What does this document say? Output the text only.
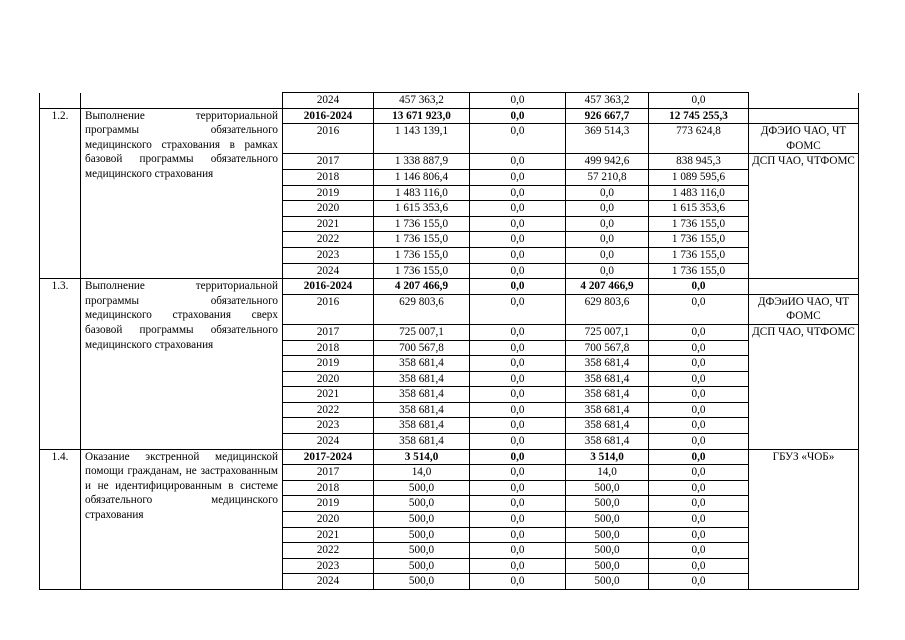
		2024	457 363,2	0,0	457 363,2	0,0	
1.2.	Выполнение территориальной программы обязательного медицинского страхования в рамках базовой программы обязательного медицинского страхования	2016-2024	13 671 923,0	0,0	926 667,7	12 745 255,3	
		2016	1 143 139,1	0,0	369 514,3	773 624,8	ДФЭИО ЧАО, ЧТ ФОМС
		2017	1 338 887,9	0,0	499 942,6	838 945,3	ДСП ЧАО, ЧТФОМС
		2018	1 146 806,4	0,0	57 210,8	1 089 595,6	
		2019	1 483 116,0	0,0	0,0	1 483 116,0	
		2020	1 615 353,6	0,0	0,0	1 615 353,6	
		2021	1 736 155,0	0,0	0,0	1 736 155,0	
		2022	1 736 155,0	0,0	0,0	1 736 155,0	
		2023	1 736 155,0	0,0	0,0	1 736 155,0	
		2024	1 736 155,0	0,0	0,0	1 736 155,0	
1.3.	Выполнение территориальной программы обязательного медицинского страхования сверх базовой программы обязательного медицинского страхования	2016-2024	4 207 466,9	0,0	4 207 466,9	0,0	
		2016	629 803,6	0,0	629 803,6	0,0	ДФЭиИО ЧАО, ЧТ ФОМС
		2017	725 007,1	0,0	725 007,1	0,0	ДСП ЧАО, ЧТФОМС
		2018	700 567,8	0,0	700 567,8	0,0	
		2019	358 681,4	0,0	358 681,4	0,0	
		2020	358 681,4	0,0	358 681,4	0,0	
		2021	358 681,4	0,0	358 681,4	0,0	
		2022	358 681,4	0,0	358 681,4	0,0	
		2023	358 681,4	0,0	358 681,4	0,0	
		2024	358 681,4	0,0	358 681,4	0,0	
1.4.	Оказание экстренной медицинской помощи гражданам, не застрахованным и не идентифицированным в системе обязательного медицинского страхования	2017-2024	3 514,0	0,0	3 514,0	0,0	ГБУЗ «ЧОБ»
		2017	14,0	0,0	14,0	0,0	
		2018	500,0	0,0	500,0	0,0	
		2019	500,0	0,0	500,0	0,0	
		2020	500,0	0,0	500,0	0,0	
		2021	500,0	0,0	500,0	0,0	
		2022	500,0	0,0	500,0	0,0	
		2023	500,0	0,0	500,0	0,0	
		2024	500,0	0,0	500,0	0,0	
